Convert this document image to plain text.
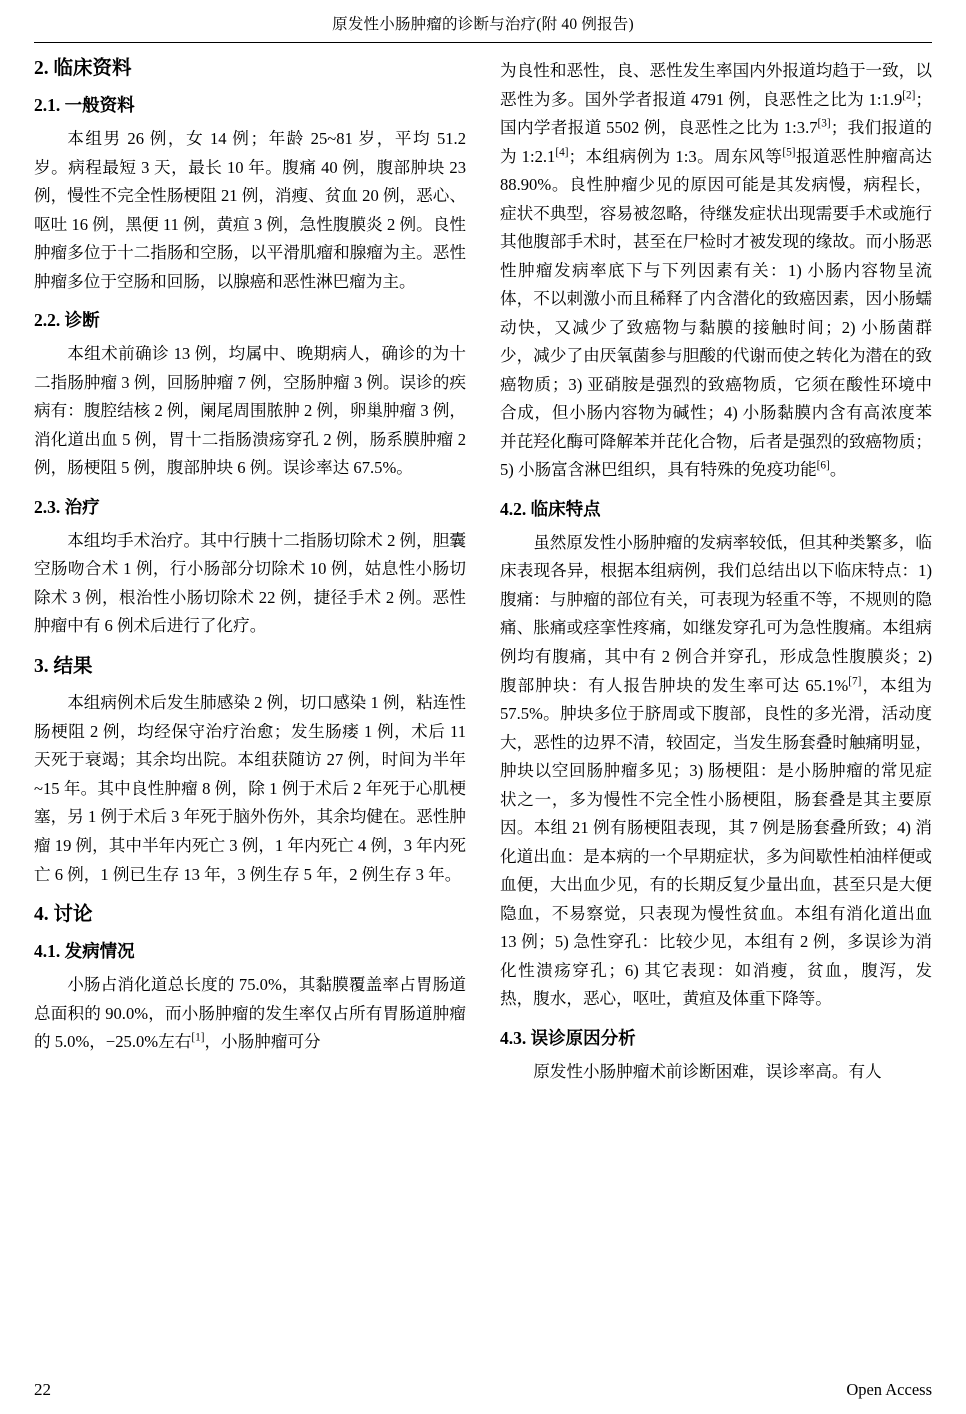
原发性小肠肿瘤的诊断与治疗(附 40 例报告)
2. 临床资料
2.1. 一般资料

本组男 26 例，女 14 例；年龄 25~81 岁，平均 51.2 岁。病程最短 3 天，最长 10 年。腹痛 40 例，腹部肿块 23 例，慢性不完全性肠梗阻 21 例，消瘦、贫血 20 例，恶心、呕吐 16 例，黑便 11 例，黄疸 3 例，急性腹膜炎 2 例。良性肿瘤多位于十二指肠和空肠，以平滑肌瘤和腺瘤为主。恶性肿瘤多位于空肠和回肠，以腺癌和恶性淋巴瘤为主。

2.2. 诊断

本组术前确诊 13 例，均属中、晚期病人，确诊的为十二指肠肿瘤 3 例，回肠肿瘤 7 例，空肠肿瘤 3 例。误诊的疾病有：腹腔结核 2 例，阑尾周围脓肿 2 例，卵巢肿瘤 3 例，消化道出血 5 例，胃十二指肠溃疡穿孔 2 例，肠系膜肿瘤 2 例，肠梗阻 5 例，腹部肿块 6 例。误诊率达 67.5%。

2.3. 治疗

本组均手术治疗。其中行胰十二指肠切除术 2 例，胆囊空肠吻合术 1 例，行小肠部分切除术 10 例，姑息性小肠切除术 3 例，根治性小肠切除术 22 例，捷径手术 2 例。恶性肿瘤中有 6 例术后进行了化疗。

3. 结果

本组病例术后发生肺感染 2 例，切口感染 1 例，粘连性肠梗阻 2 例，均经保守治疗治愈；发生肠瘘 1 例，术后 11 天死于衰竭；其余均出院。本组获随访 27 例，时间为半年~15 年。其中良性肿瘤 8 例，除 1 例于术后 2 年死于心肌梗塞，另 1 例于术后 3 年死于脑外伤外，其余均健在。恶性肿瘤 19 例，其中半年内死亡 3 例，1 年内死亡 4 例，3 年内死亡 6 例，1 例已生存 13 年，3 例生存 5 年，2 例生存 3 年。

4. 讨论
4.1. 发病情况

小肠占消化道总长度的 75.0%，其黏膜覆盖率占胃肠道总面积的 90.0%，而小肠肿瘤的发生率仅占所有胃肠道肿瘤的 5.0%，−25.0%左右[1]，小肠肿瘤可分

为良性和恶性，良、恶性发生率国内外报道均趋于一致，以恶性为多。国外学者报道 4791 例，良恶性之比为 1:1.9[2]；国内学者报道 5502 例，良恶性之比为 1:3.7[3]；我们报道的为 1:2.1[4]；本组病例为 1:3。周东风等[5]报道恶性肿瘤高达 88.90%。良性肿瘤少见的原因可能是其发病慢，病程长，症状不典型，容易被忽略，待继发症状出现需要手术或施行其他腹部手术时，甚至在尸检时才被发现的缘故。而小肠恶性肿瘤发病率底下与下列因素有关：1) 小肠内容物呈流体，不以刺激小而且稀释了内含潜化的致癌因素，因小肠蠕动快，又减少了致癌物与黏膜的接触时间；2) 小肠菌群少，减少了由厌氧菌参与胆酸的代谢而使之转化为潜在的致癌物质；3) 亚硝胺是强烈的致癌物质，它须在酸性环境中合成，但小肠内容物为碱性；4) 小肠黏膜内含有高浓度苯并芘羟化酶可降解苯并芘化合物，后者是强烈的致癌物质；5) 小肠富含淋巴组织，具有特殊的免疫功能[6]。

4.2. 临床特点

虽然原发性小肠肿瘤的发病率较低，但其种类繁多，临床表现各异，根据本组病例，我们总结出以下临床特点：1) 腹痛：与肿瘤的部位有关，可表现为轻重不等，不规则的隐痛、胀痛或痉挛性疼痛，如继发穿孔可为急性腹痛。本组病例均有腹痛，其中有 2 例合并穿孔，形成急性腹膜炎；2) 腹部肿块：有人报告肿块的发生率可达 65.1%[7]，本组为 57.5%。肿块多位于脐周或下腹部，良性的多光滑，活动度大，恶性的边界不清，较固定，当发生肠套叠时触痛明显，肿块以空回肠肿瘤多见；3) 肠梗阻：是小肠肿瘤的常见症状之一，多为慢性不完全性小肠梗阻，肠套叠是其主要原因。本组 21 例有肠梗阻表现，其 7 例是肠套叠所致；4) 消化道出血：是本病的一个早期症状，多为间歇性柏油样便或血便，大出血少见，有的长期反复少量出血，甚至只是大便隐血，不易察觉，只表现为慢性贫血。本组有消化道出血 13 例；5) 急性穿孔：比较少见，本组有 2 例，多误诊为消化性溃疡穿孔；6) 其它表现：如消瘦，贫血，腹泻，发热，腹水，恶心，呕吐，黄疸及体重下降等。

4.3. 误诊原因分析

原发性小肠肿瘤术前诊断困难，误诊率高。有人

22	Open Access
